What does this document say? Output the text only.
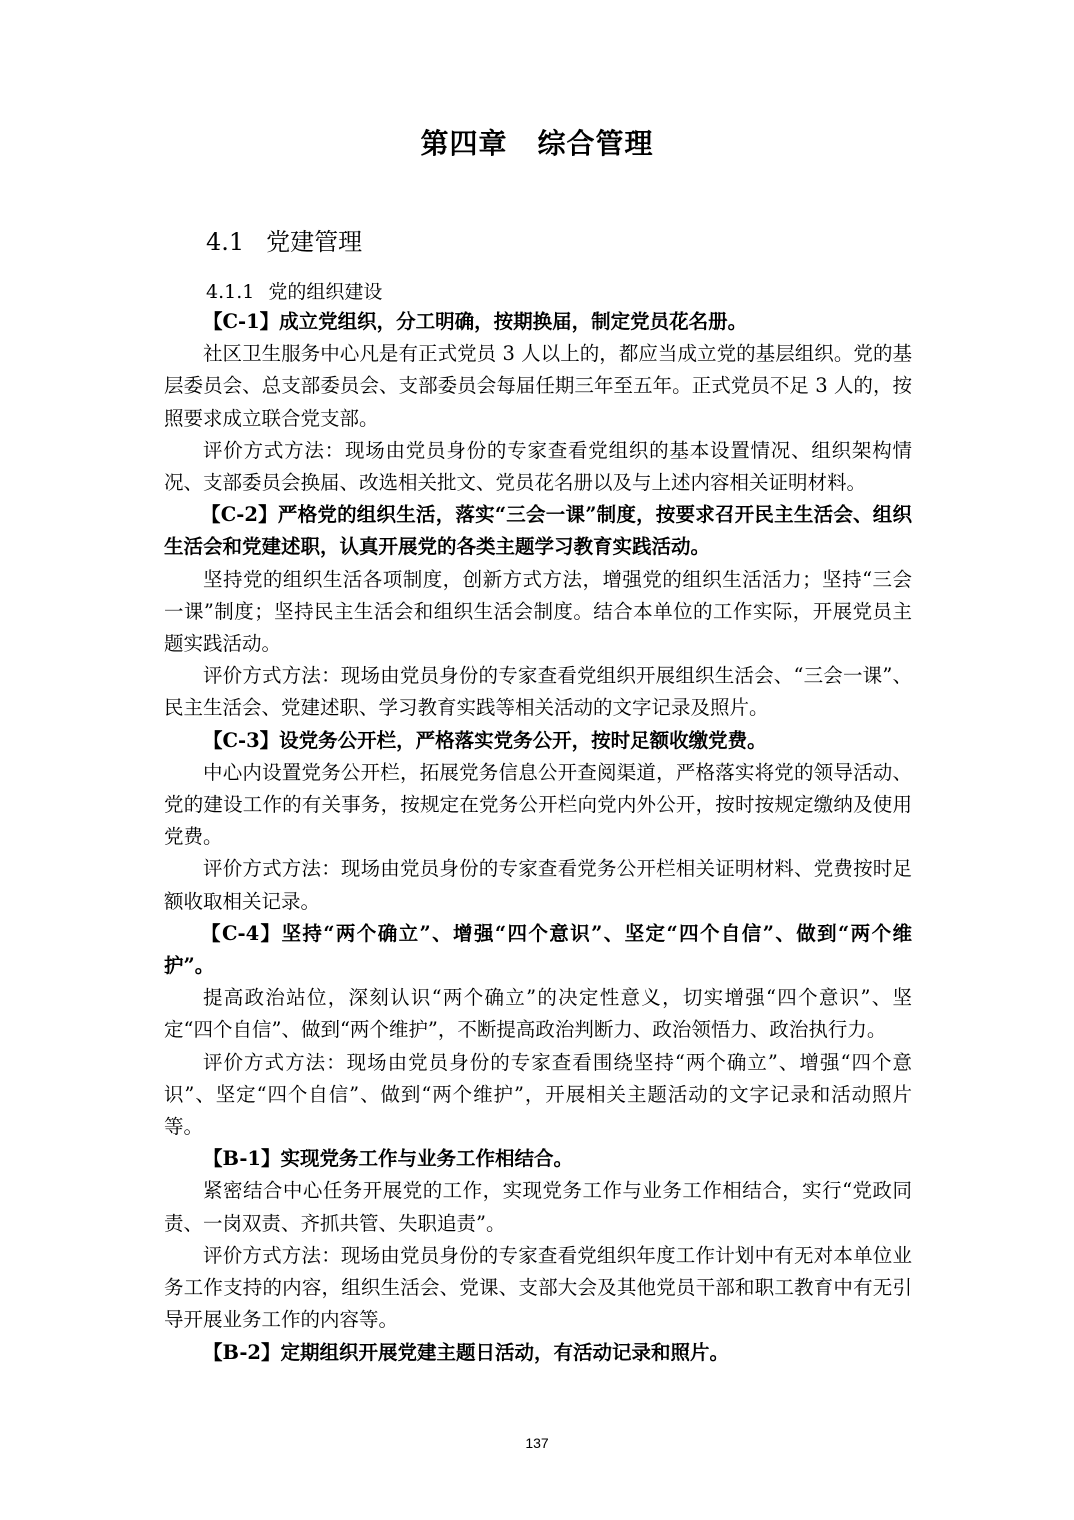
第四章 综合管理
4.1 党建管理
4.1.1 党的组织建设

【C-1】成立党组织，分工明确，按期换届，制定党员花名册。

社区卫生服务中心凡是有正式党员 3 人以上的，都应当成立党的基层组织。党的基层委员会、总支部委员会、支部委员会每届任期三年至五年。正式党员不足 3 人的，按照要求成立联合党支部。

评价方式方法：现场由党员身份的专家查看党组织的基本设置情况、组织架构情况、支部委员会换届、改选相关批文、党员花名册以及与上述内容相关证明材料。

【C-2】严格党的组织生活，落实“三会一课”制度，按要求召开民主生活会、组织生活会和党建述职，认真开展党的各类主题学习教育实践活动。

坚持党的组织生活各项制度，创新方式方法，增强党的组织生活活力；坚持“三会一课”制度；坚持民主生活会和组织生活会制度。结合本单位的工作实际，开展党员主题实践活动。

评价方式方法：现场由党员身份的专家查看党组织开展组织生活会、“三会一课”、民主生活会、党建述职、学习教育实践等相关活动的文字记录及照片。

【C-3】设党务公开栏，严格落实党务公开，按时足额收缴党费。

中心内设置党务公开栏，拓展党务信息公开查阅渠道，严格落实将党的领导活动、党的建设工作的有关事务，按规定在党务公开栏向党内外公开，按时按规定缴纳及使用党费。

评价方式方法：现场由党员身份的专家查看党务公开栏相关证明材料、党费按时足额收取相关记录。

【C-4】坚持“两个确立”、增强“四个意识”、坚定“四个自信”、做到“两个维护”。

提高政治站位，深刻认识“两个确立”的决定性意义，切实增强“四个意识”、坚定“四个自信”、做到“两个维护”，不断提高政治判断力、政治领悟力、政治执行力。

评价方式方法：现场由党员身份的专家查看围绕坚持“两个确立”、增强“四个意识”、坚定“四个自信”、做到“两个维护”，开展相关主题活动的文字记录和活动照片等。

【B-1】实现党务工作与业务工作相结合。

紧密结合中心任务开展党的工作，实现党务工作与业务工作相结合，实行“党政同责、一岗双责、齐抓共管、失职追责”。

评价方式方法：现场由党员身份的专家查看党组织年度工作计划中有无对本单位业务工作支持的内容，组织生活会、党课、支部大会及其他党员干部和职工教育中有无引导开展业务工作的内容等。

【B-2】定期组织开展党建主题日活动，有活动记录和照片。

137
